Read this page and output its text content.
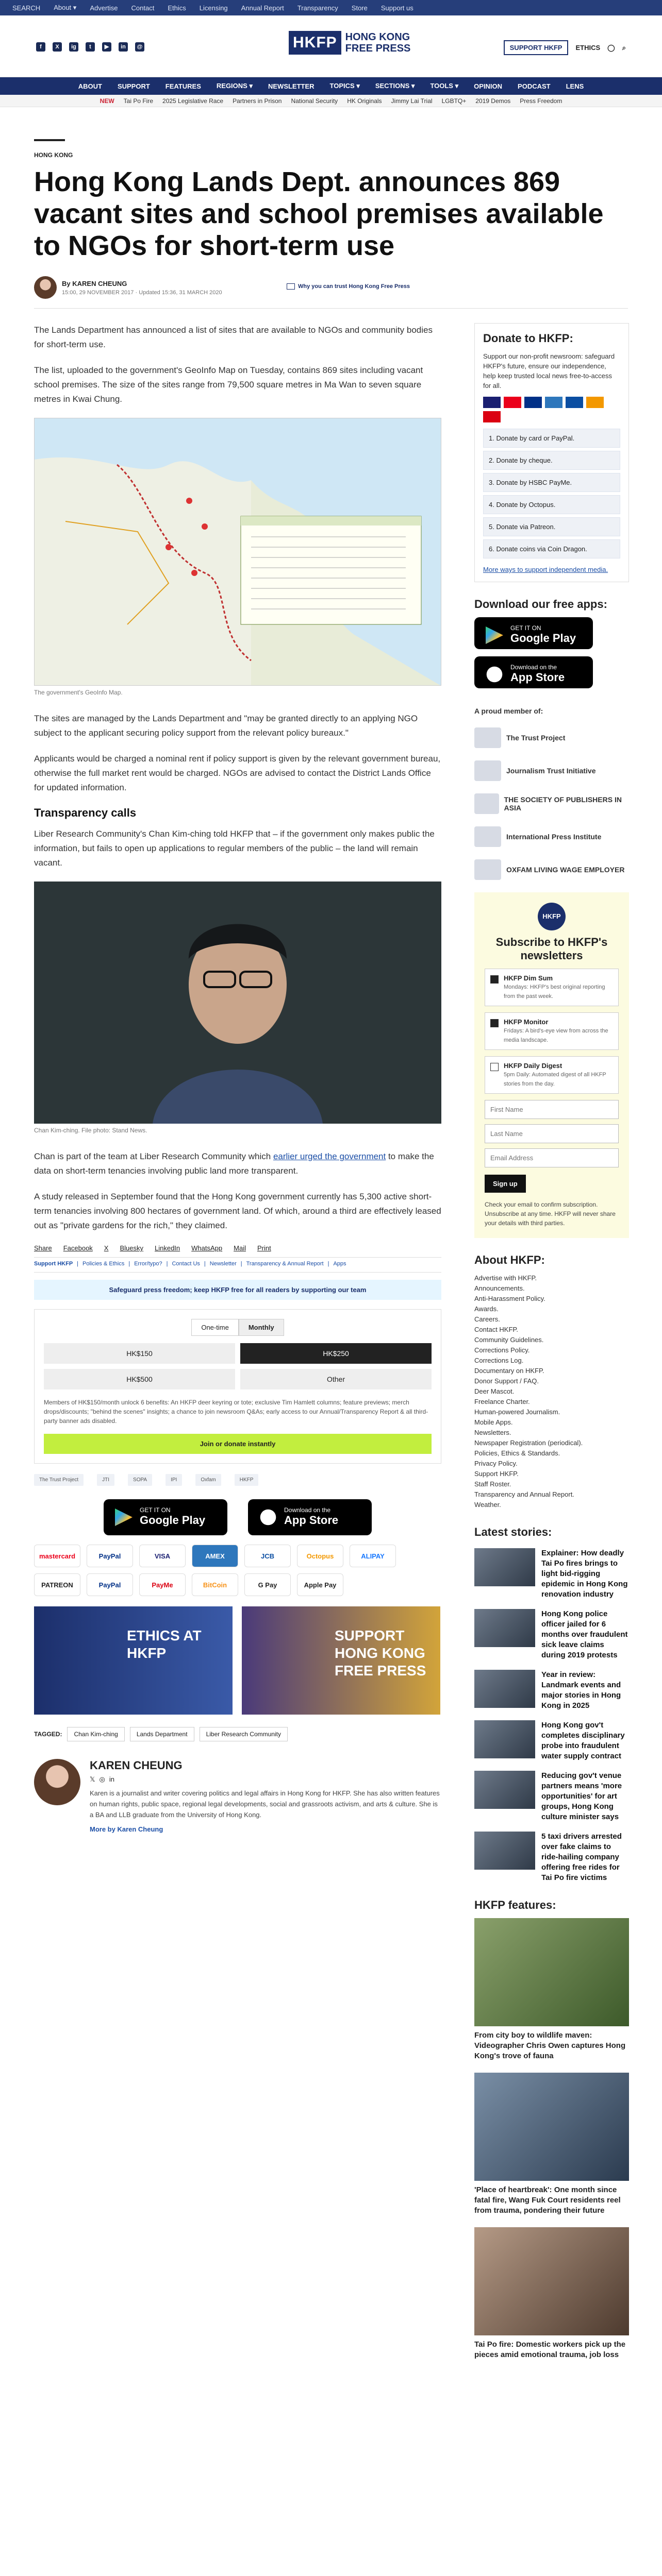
SEARCH About ▾ Advertise Contact Ethics Licensing Annual Report Transparency Store Support us
f	X	ig	t	▶	in	@	HKFP HONG KONG
FREE PRESS	SUPPORT HKFP	ETHICS ◯ ⌕
ABOUT SUPPORT FEATURES REGIONS ▾ NEWSLETTER TOPICS ▾ SECTIONS ▾ TOOLS ▾ OPINION PODCAST LENS
NEW Tai Po Fire 2025 Legislative Race Partners in Prison National Security HK Originals Jimmy Lai Trial LGBTQ+ 2019 Demos Press Freedom
HONG KONG
Hong Kong Lands Dept. announces 869 vacant sites and school premises available to NGOs for short-term use
By KAREN CHEUNG
15:00, 29 NOVEMBER 2017 · Updated 15:36, 31 MARCH 2020
Why you can trust Hong Kong Free Press

The Lands Department has announced a list of sites that are available to NGOs and community bodies for short-term use.

The list, uploaded to the government's GeoInfo Map on Tuesday, contains 869 sites including vacant school premises. The size of the sites range from 79,500 square metres in Ma Wan to seven square metres in Kwai Chung.

The government's GeoInfo Map.

The sites are managed by the Lands Department and "may be granted directly to an applying NGO subject to the applicant securing policy support from the relevant policy bureaux."

Applicants would be charged a nominal rent if policy support is given by the relevant government bureau, otherwise the full market rent would be charged. NGOs are advised to contact the District Lands Office for updated information.

Transparency calls

Liber Research Community's Chan Kim-ching told HKFP that – if the government only makes public the information, but fails to open up applications to regular members of the public – the land will remain vacant.

Chan Kim-ching. File photo: Stand News.

Chan is part of the team at Liber Research Community which earlier urged the government to make the data on short-term tenancies involving public land more transparent.

A study released in September found that the Hong Kong government currently has 5,300 active short-term tenancies involving 800 hectares of government land. Of which, around a third are effectively leased out as "private gardens for the rich," they claimed.

Share Facebook X Bluesky LinkedIn WhatsApp Mail Print
Support HKFP | Policies & Ethics | Error/typo? | Contact Us | Newsletter | Transparency & Annual Report | Apps
Safeguard press freedom; keep HKFP free for all readers by supporting our team
One-time	Monthly
HK$150	HK$250
HK$500	Other
Members of HK$150/month unlock 6 benefits: An HKFP deer keyring or tote; exclusive Tim Hamlett columns; feature previews; merch drops/discounts; "behind the scenes" insights; a chance to join newsroom Q&As; early access to our Annual/Transparency Report & all third-party banner ads disabled.
Join or donate instantly
The Trust Project	JTI	SOPA	IPI	Oxfam	HKFP
GET IT ON
Google Play
Download on the
App Store
mastercard	PayPal	VISA	AMEX	JCB	Octopus	ALIPAY
PATREON	PayPal	PayMe	BitCoin	G Pay	Apple Pay
ETHICS AT HKFP
SUPPORT HONG KONG FREE PRESS
TAGGED:	Chan Kim-ching	Lands Department	Liber Research Community
KAREN CHEUNG
𝕏 ◎ in

Karen is a journalist and writer covering politics and legal affairs in Hong Kong for HKFP. She has also written features on human rights, public space, regional legal developments, social and grassroots activism, and arts & culture. She is a BA and LLB graduate from the University of Hong Kong.

More by Karen Cheung
Donate to HKFP:
Support our non-profit newsroom: safeguard HKFP's future, ensure our independence, help keep trusted local news free-to-access for all.
1. Donate by card or PayPal.
2. Donate by cheque.
3. Donate by HSBC PayMe.
4. Donate by Octopus.
5. Donate via Patreon.
6. Donate coins via Coin Dragon.
More ways to support independent media.
Download our free apps:
GET IT ON
Google Play
Download on the
App Store
A proud member of:
The Trust Project
Journalism Trust Initiative
THE SOCIETY OF PUBLISHERS IN ASIA
International Press Institute
OXFAM LIVING WAGE EMPLOYER
HKFP
Subscribe to HKFP's newsletters
HKFP Dim Sum
Mondays: HKFP's best original reporting from the past week.
HKFP Monitor
Fridays: A bird's-eye view from across the media landscape.
HKFP Daily Digest
5pm Daily: Automated digest of all HKFP stories from the day.
First Name Last Name Email Address Sign up
Check your email to confirm subscription. Unsubscribe at any time. HKFP will never share your details with third parties.
About HKFP:
Advertise with HKFP.
Announcements.
Anti-Harassment Policy.
Awards.
Careers.
Contact HKFP.
Community Guidelines.
Corrections Policy.
Corrections Log.
Documentary on HKFP.
Donor Support / FAQ.
Deer Mascot.
Freelance Charter.
Human-powered Journalism.
Mobile Apps.
Newsletters.
Newspaper Registration (periodical).
Policies, Ethics & Standards.
Privacy Policy.
Support HKFP.
Staff Roster.
Transparency and Annual Report.
Weather.
Latest stories:
Explainer: How deadly Tai Po fires brings to light bid-rigging epidemic in Hong Kong renovation industry
Hong Kong police officer jailed for 6 months over fraudulent sick leave claims during 2019 protests
Year in review: Landmark events and major stories in Hong Kong in 2025
Hong Kong gov't completes disciplinary probe into fraudulent water supply contract
Reducing gov't venue partners means 'more opportunities' for art groups, Hong Kong culture minister says
5 taxi drivers arrested over fake claims to ride-hailing company offering free rides for Tai Po fire victims
HKFP features:
From city boy to wildlife maven: Videographer Chris Owen captures Hong Kong's trove of fauna
'Place of heartbreak': One month since fatal fire, Wang Fuk Court residents reel from trauma, pondering their future
Tai Po fire: Domestic workers pick up the pieces amid emotional trauma, job loss
